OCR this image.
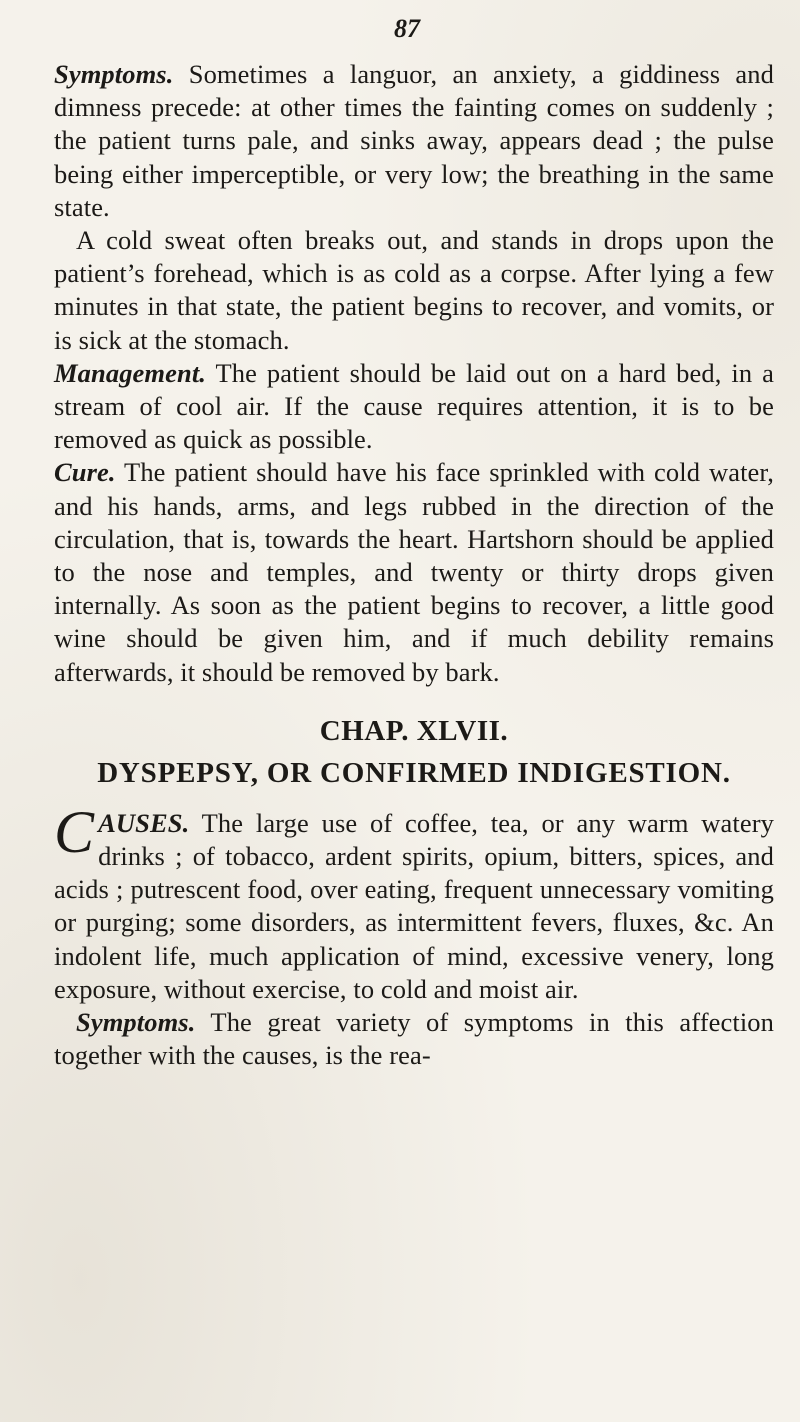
87

Symptoms. Sometimes a languor, an anxiety, a giddiness and dimness precede: at other times the fainting comes on suddenly ; the patient turns pale, and sinks away, appears dead ; the pulse being either imperceptible, or very low; the breathing in the same state.

A cold sweat often breaks out, and stands in drops upon the patient’s forehead, which is as cold as a corpse. After lying a few minutes in that state, the patient begins to recover, and vomits, or is sick at the stomach.

Management. The patient should be laid out on a hard bed, in a stream of cool air. If the cause requires attention, it is to be removed as quick as possible.

Cure. The patient should have his face sprinkled with cold water, and his hands, arms, and legs rubbed in the direction of the circulation, that is, towards the heart. Hartshorn should be applied to the nose and temples, and twenty or thirty drops given internally. As soon as the patient begins to recover, a little good wine should be given him, and if much debility remains afterwards, it should be removed by bark.

CHAP. XLVII.

DYSPEPSY, OR CONFIRMED INDIGESTION.

CAUSES. The large use of coffee, tea, or any warm watery drinks ; of tobacco, ardent spirits, opium, bitters, spices, and acids ; putrescent food, over eating, frequent unnecessary vomiting or purging; some disorders, as intermittent fevers, fluxes, &c. An indolent life, much application of mind, excessive venery, long exposure, without exercise, to cold and moist air.

Symptoms. The great variety of symptoms in this affection together with the causes, is the rea-
